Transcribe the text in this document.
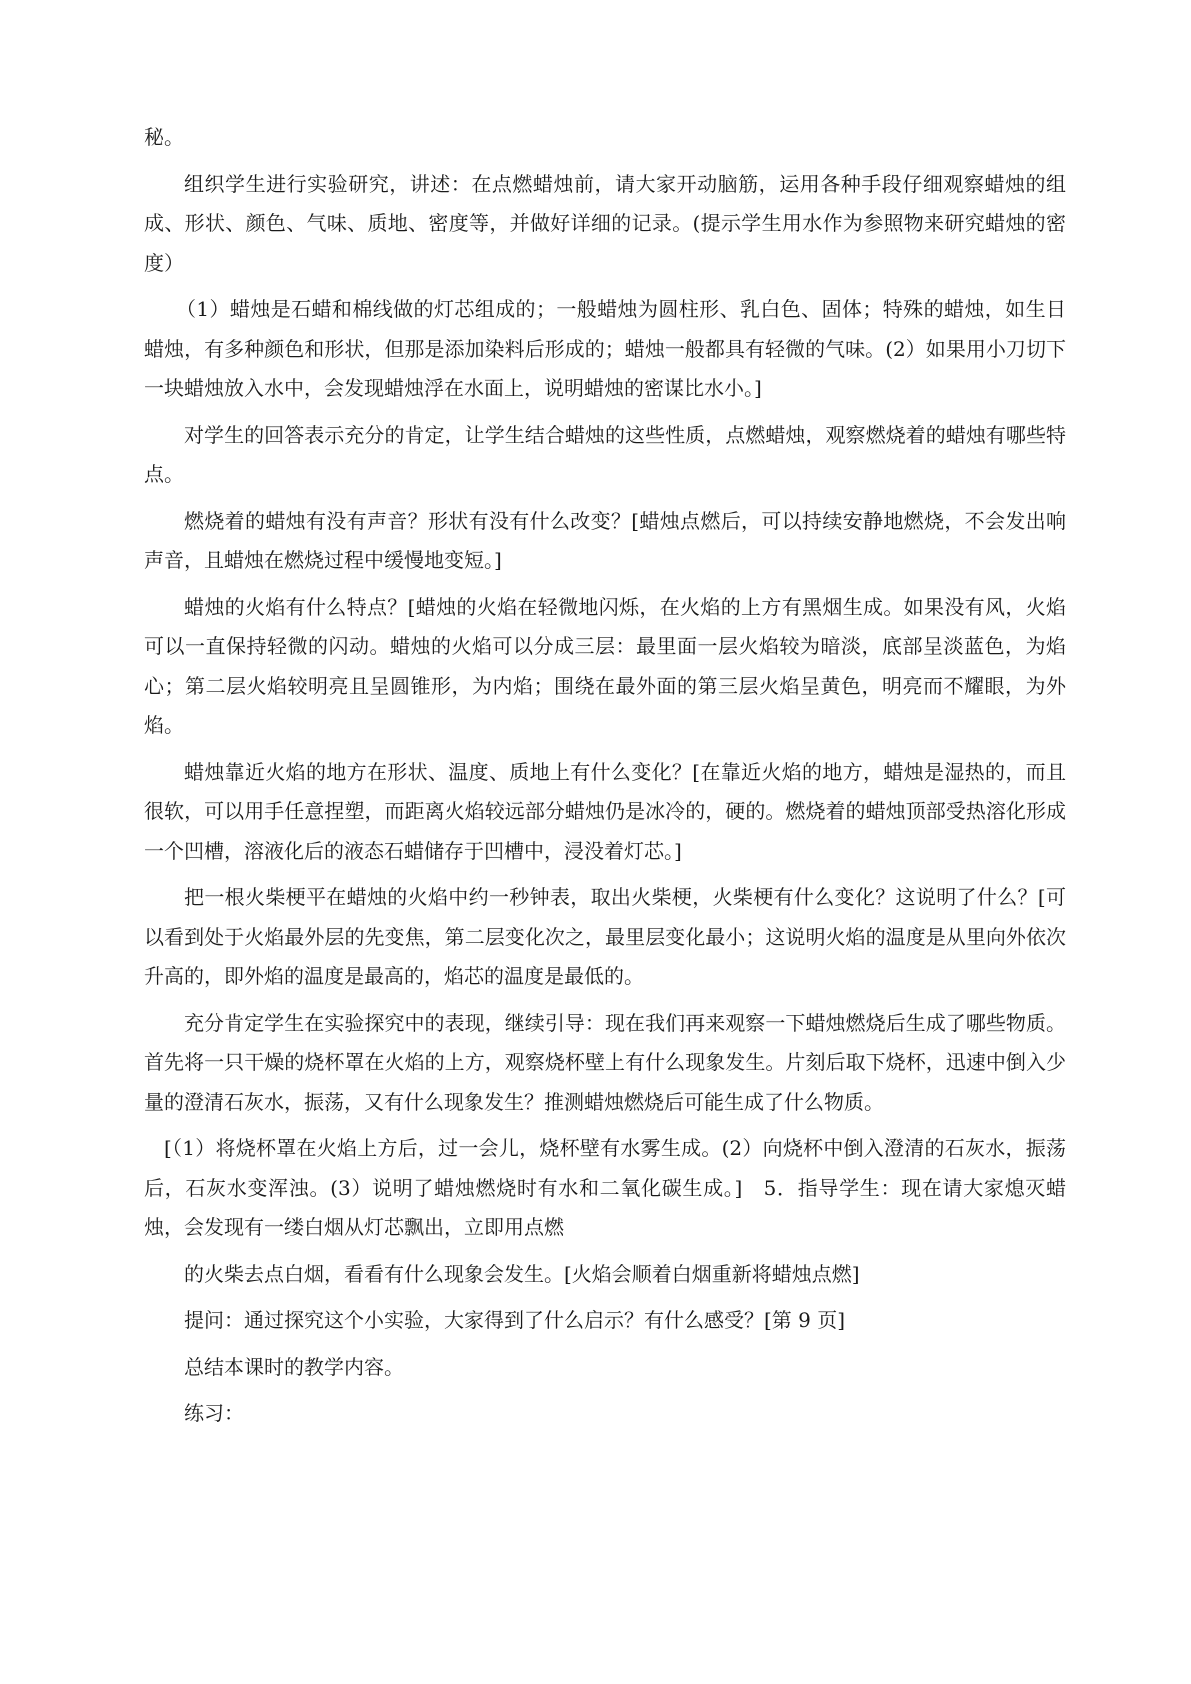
秘。

组织学生进行实验研究，讲述：在点燃蜡烛前，请大家开动脑筋，运用各种手段仔细观察蜡烛的组成、形状、颜色、气味、质地、密度等，并做好详细的记录。(提示学生用水作为参照物来研究蜡烛的密度）

（1）蜡烛是石蜡和棉线做的灯芯组成的；一般蜡烛为圆柱形、乳白色、固体；特殊的蜡烛，如生日蜡烛，有多种颜色和形状，但那是添加染料后形成的；蜡烛一般都具有轻微的气味。(2）如果用小刀切下一块蜡烛放入水中，会发现蜡烛浮在水面上，说明蜡烛的密谋比水小。]

对学生的回答表示充分的肯定，让学生结合蜡烛的这些性质，点燃蜡烛，观察燃烧着的蜡烛有哪些特点。

燃烧着的蜡烛有没有声音？形状有没有什么改变？[蜡烛点燃后，可以持续安静地燃烧，不会发出响声音，且蜡烛在燃烧过程中缓慢地变短。]

蜡烛的火焰有什么特点？[蜡烛的火焰在轻微地闪烁，在火焰的上方有黑烟生成。如果没有风，火焰可以一直保持轻微的闪动。蜡烛的火焰可以分成三层：最里面一层火焰较为暗淡，底部呈淡蓝色，为焰心；第二层火焰较明亮且呈圆锥形，为内焰；围绕在最外面的第三层火焰呈黄色，明亮而不耀眼，为外焰。

蜡烛靠近火焰的地方在形状、温度、质地上有什么变化？[在靠近火焰的地方，蜡烛是湿热的，而且很软，可以用手任意捏塑，而距离火焰较远部分蜡烛仍是冰冷的，硬的。燃烧着的蜡烛顶部受热溶化形成一个凹槽，溶液化后的液态石蜡储存于凹槽中，浸没着灯芯。]

把一根火柴梗平在蜡烛的火焰中约一秒钟表，取出火柴梗，火柴梗有什么变化？这说明了什么？[可以看到处于火焰最外层的先变焦，第二层变化次之，最里层变化最小；这说明火焰的温度是从里向外依次升高的，即外焰的温度是最高的，焰芯的温度是最低的。

充分肯定学生在实验探究中的表现，继续引导：现在我们再来观察一下蜡烛燃烧后生成了哪些物质。首先将一只干燥的烧杯罩在火焰的上方，观察烧杯壁上有什么现象发生。片刻后取下烧杯，迅速中倒入少量的澄清石灰水，振荡，又有什么现象发生？推测蜡烛燃烧后可能生成了什么物质。

[（1）将烧杯罩在火焰上方后，过一会儿，烧杯壁有水雾生成。(2）向烧杯中倒入澄清的石灰水，振荡后，石灰水变浑浊。(3）说明了蜡烛燃烧时有水和二氧化碳生成。]　5．指导学生：现在请大家熄灭蜡烛，会发现有一缕白烟从灯芯飘出，立即用点燃

的火柴去点白烟，看看有什么现象会发生。[火焰会顺着白烟重新将蜡烛点燃]

提问：通过探究这个小实验，大家得到了什么启示？有什么感受？[第 9 页]

总结本课时的教学内容。

练习：
